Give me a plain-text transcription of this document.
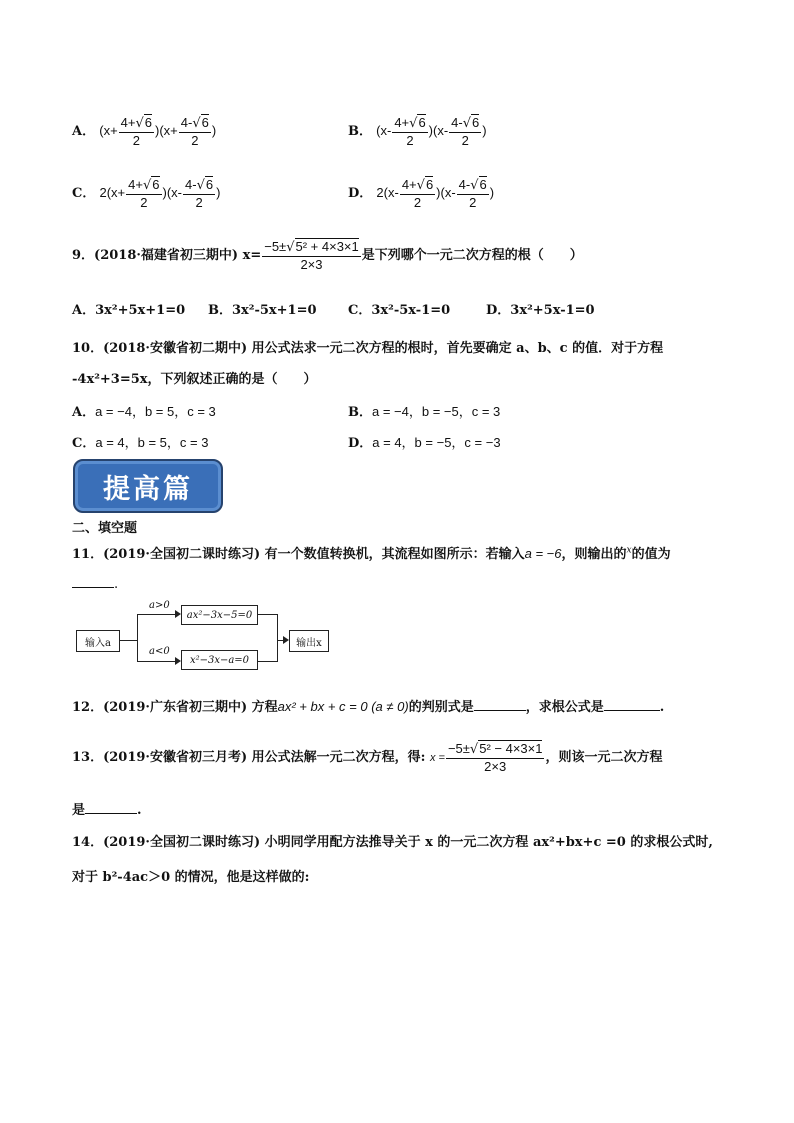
A． $(x+ \frac{4+√6}{2} )(x+ \frac{4-√6}{2}$ )	B． $(x- \frac{4+√6}{2} )(x- \frac{4-√6}{2}$ )
C． $2(x+ \frac{4+√6}{2} )(x- \frac{4-√6}{2}$ )	D． $2(x- \frac{4+√6}{2} )(x- \frac{4-√6}{2}$ )
9．(2018·福建省初三期中) $x= \frac{\text{−5±√5² + 4×3×1}}{2\times 3}$ 是下列哪个一元二次方程的根（　　）
A．3x²+5x+1=0 B．3x²-5x+1=0 C．3x²-5x-1=0	D．3x²+5x-1=0
10．(2018·安徽省初二期中) 用公式法求一元二次方程的根时，首先要确定 a、b、c 的值．对于方程
-4x²+3=5x，下列叙述正确的是（　　）
A．a = −4，b = 5，c = 3	B．a = −4，b = −5，c = 3
C．a = 4，b = 5，c = 3	D．a = 4，b = −5，c = −3
提高篇
二、填空题
11．(2019·全国初二课时练习) 有一个数值转换机，其流程如图所示：若输入a = −6，则输出的$^x$的值为
.
输入a
a>0
a<0
ax²−3x−5=0
x²−3x−a=0
输出x
12．(2019·广东省初三期中) 方程ax² + bx + c = 0 (a ≠ 0)的判别式是	，求根公式是	.
13．(2019·安徽省初三月考) 用公式法解一元二次方程，得: $x = \frac{\text{−5±√5² − 4×3×1}}{2\times 3}$ ，则该一元二次方程
是	.
14．(2019·全国初二课时练习) 小明同学用配方法推导关于 x 的一元二次方程 ax²+bx+c =0 的求根公式时,
对于 b²-4ac＞0 的情况，他是这样做的:
